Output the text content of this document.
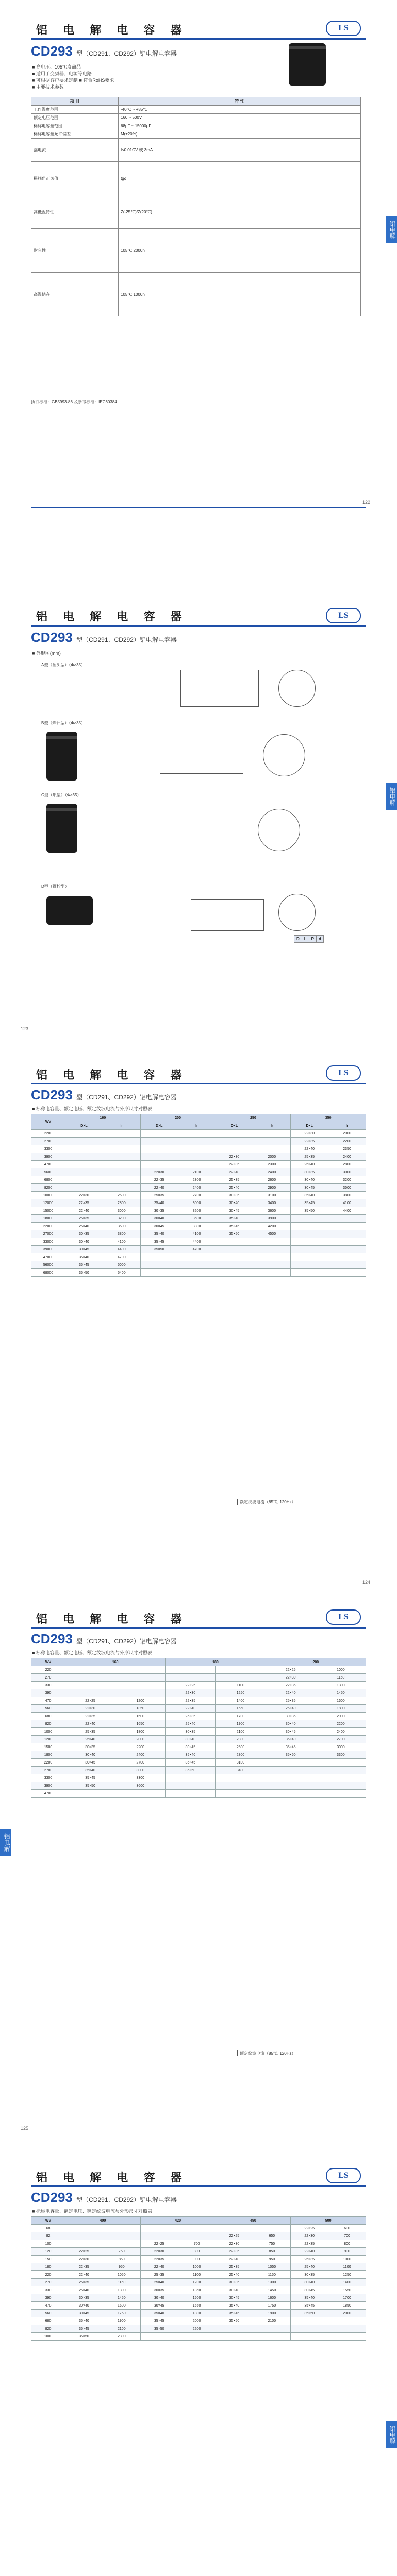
铝 电 解 电 容 器	LS
CD293 型（CD291、CD292）铝电解电容器
■ 高电压、105℃寿命品
■ 适用于变频器、电源等电路
■ 可根据客户要求定制 ■ 符合RoHS要求
■ 主要技术参数
项 目	特 性
工作温度范围	-40℃ ~ +85℃
额定电压范围	160 ~ 500V
标称电容量范围	68μF ~ 15000μF
标称电容量允许偏差	M(±20%)
漏电流	I≤0.01CV 或 3mA
损耗角正切值	tgδ
高低温特性	Z(-25℃)/Z(20℃)
耐久性	105℃ 2000h
高温储存	105℃ 1000h
执行标准：GB5993-86 及参考标准：IEC60384
铝电解
122
铝 电 解 电 容 器	LS
CD293 型（CD291、CD292）铝电解电容器
■ 外形图(mm)
A型（插头型）（Φ≥35）
B型（焊针型）（Φ≥35）
C型（爪型）（Φ≥35）
D型（螺栓型）
D	L	P	d
铝电解
123
铝 电 解 电 容 器	LS
CD293 型（CD291、CD292）铝电解电容器
■ 标称电容量、额定电压、额定纹波电流与外形尺寸对照表
WV	160		200		250		350	
	D×L	Ir	D×L	Ir	D×L	Ir	D×L	Ir
2200							22×30	2000
2700							22×35	2200
3300							22×40	2350
3900					22×30	2000	25×35	2400
4700					22×35	2300	25×40	2800
5600			22×30	2100	22×40	2400	30×35	3000
6800			22×35	2300	25×35	2600	30×40	3200
8200			22×40	2400	25×40	2900	30×45	3500
10000	22×30	2600	25×35	2700	30×35	3100	35×40	3800
12000	22×35	2800	25×40	3000	30×40	3400	35×45	4100
15000	22×40	3000	30×35	3200	30×45	3600	35×50	4400
18000	25×35	3200	30×40	3500	35×40	3900		
22000	25×40	3500	30×45	3800	35×45	4200		
27000	30×35	3800	35×40	4100	35×50	4500		
33000	30×40	4100	35×45	4400				
39000	30×45	4400	35×50	4700				
47000	35×40	4700						
56000	35×45	5000						
68000	35×50	5400						
额定纹波电流（85℃, 120Hz）
124
铝 电 解 电 容 器	LS
CD293 型（CD291、CD292）铝电解电容器
■ 标称电容量、额定电压、额定纹波电流与外形尺寸对照表
WV	160		180		200	
220					22×25	1000
270					22×30	1150
330			22×25	1100	22×35	1300
390			22×30	1250	22×40	1450
470	22×25	1200	22×35	1400	25×35	1600
560	22×30	1350	22×40	1550	25×40	1800
680	22×35	1500	25×35	1700	30×35	2000
820	22×40	1650	25×40	1900	30×40	2200
1000	25×35	1800	30×35	2100	30×45	2400
1200	25×40	2000	30×40	2300	35×40	2700
1500	30×35	2200	30×45	2500	35×45	3000
1800	30×40	2400	35×40	2800	35×50	3300
2200	30×45	2700	35×45	3100		
2700	35×40	3000	35×50	3400		
3300	35×45	3300				
3900	35×50	3600				
4700						
额定纹波电流（85℃, 120Hz）
铝电解
125
铝 电 解 电 容 器	LS
CD293 型（CD291、CD292）铝电解电容器
■ 标称电容量、额定电压、额定纹波电流与外形尺寸对照表
WV	400		420		450		500	
68							22×25	600
82					22×25	650	22×30	700
100			22×25	700	22×30	750	22×35	800
120	22×25	750	22×30	800	22×35	850	22×40	900
150	22×30	850	22×35	900	22×40	950	25×35	1000
180	22×35	950	22×40	1000	25×35	1050	25×40	1100
220	22×40	1050	25×35	1100	25×40	1150	30×35	1250
270	25×35	1150	25×40	1200	30×35	1300	30×40	1400
330	25×40	1300	30×35	1350	30×40	1450	30×45	1550
390	30×35	1450	30×40	1500	30×45	1600	35×40	1700
470	30×40	1600	30×45	1650	35×40	1750	35×45	1850
560	30×45	1750	35×40	1800	35×45	1900	35×50	2000
680	35×40	1900	35×45	2000	35×50	2100		
820	35×45	2100	35×50	2200				
1000	35×50	2300						
铝电解
